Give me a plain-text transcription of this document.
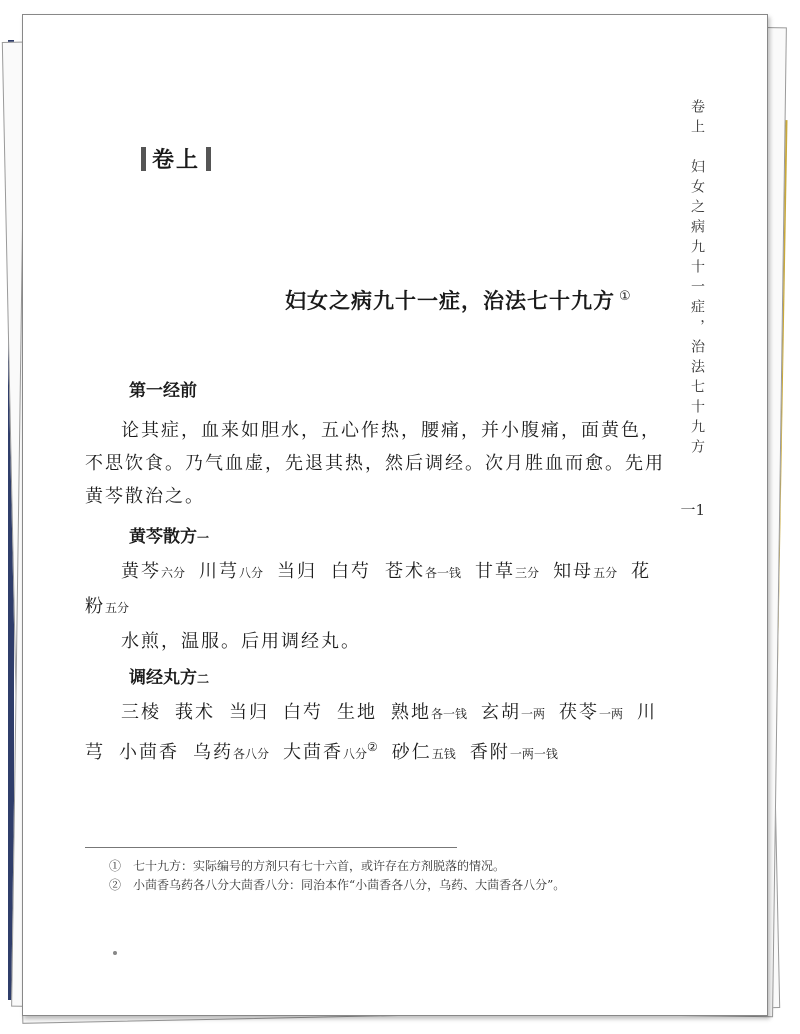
卷上
妇女之病九十一症，治法七十九方 ①
卷上　妇女之病九十一症，治法七十九方
一1
第一经前
论其症，血来如胆水，五心作热，腰痛，并小腹痛，面黄色，不思饮食。乃气血虚，先退其热，然后调经。次月胜血而愈。先用黄芩散治之。
黄芩散方一
黄芩六分 川芎八分 当归 白芍 苍术各一钱 甘草三分 知母五分 花粉五分
水煎，温服。后用调经丸。
调经丸方二
三棱 莪术 当归 白芍 生地 熟地各一钱 玄胡一两 茯苓一两 川芎 小茴香 乌药各八分 大茴香八分② 砂仁五钱 香附一两一钱
①　 七十九方：实际编号的方剂只有七十六首，或许存在方剂脱落的情况。
②　 小茴香乌药各八分大茴香八分：同治本作“小茴香各八分，乌药、大茴香各八分”。
